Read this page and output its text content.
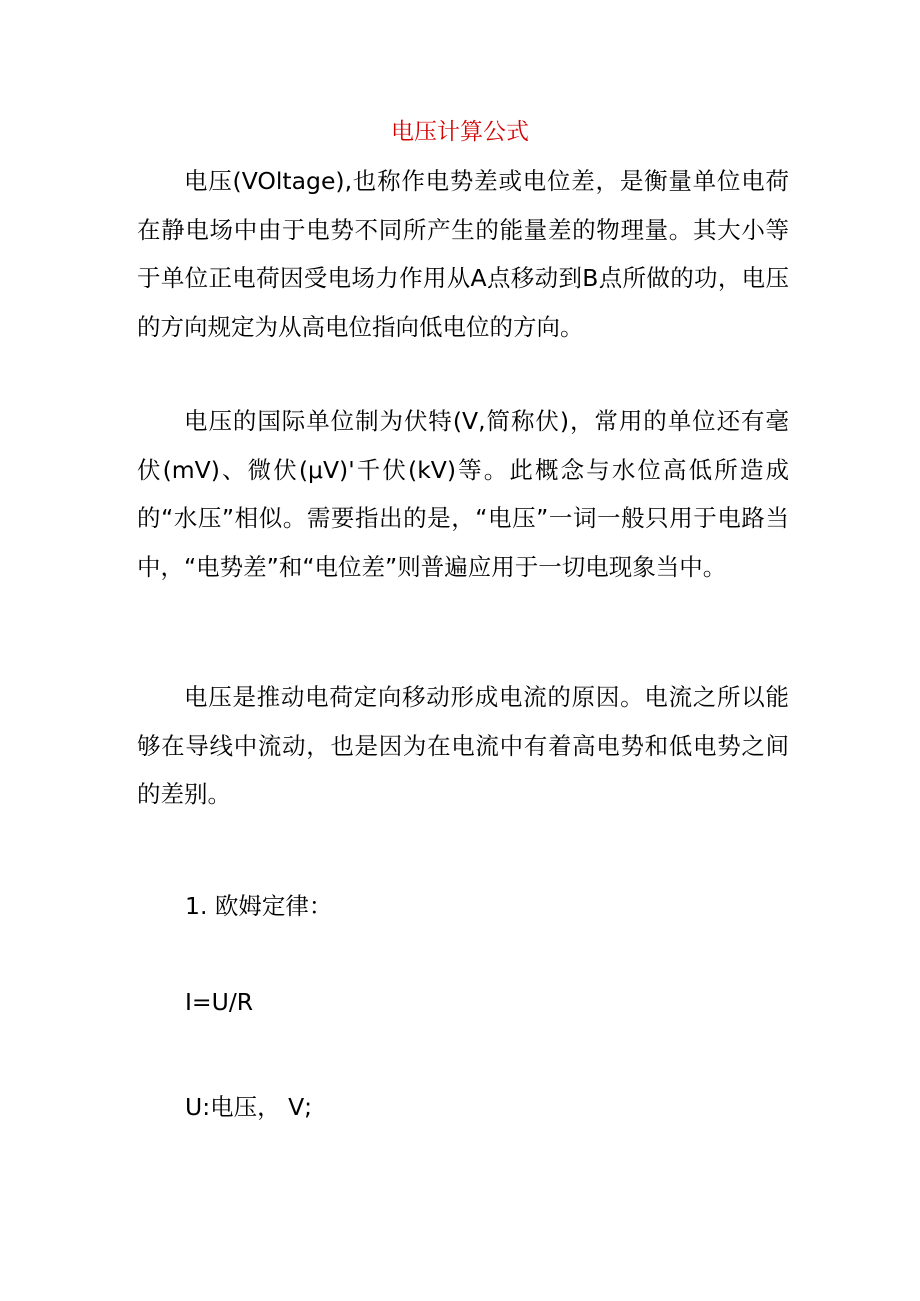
电压计算公式

电压(VOltage),也称作电势差或电位差，是衡量单位电荷在静电场中由于电势不同所产生的能量差的物理量。其大小等于单位正电荷因受电场力作用从A点移动到B点所做的功，电压的方向规定为从高电位指向低电位的方向。

电压的国际单位制为伏特(V,简称伏)，常用的单位还有毫伏(mV)、微伏(μV)'千伏(kV)等。此概念与水位高低所造成的“水压”相似。需要指出的是，“电压”一词一般只用于电路当中，“电势差”和“电位差”则普遍应用于一切电现象当中。

电压是推动电荷定向移动形成电流的原因。电流之所以能够在导线中流动，也是因为在电流中有着高电势和低电势之间的差别。

1. 欧姆定律：

I=U/R

U:电压， V;
